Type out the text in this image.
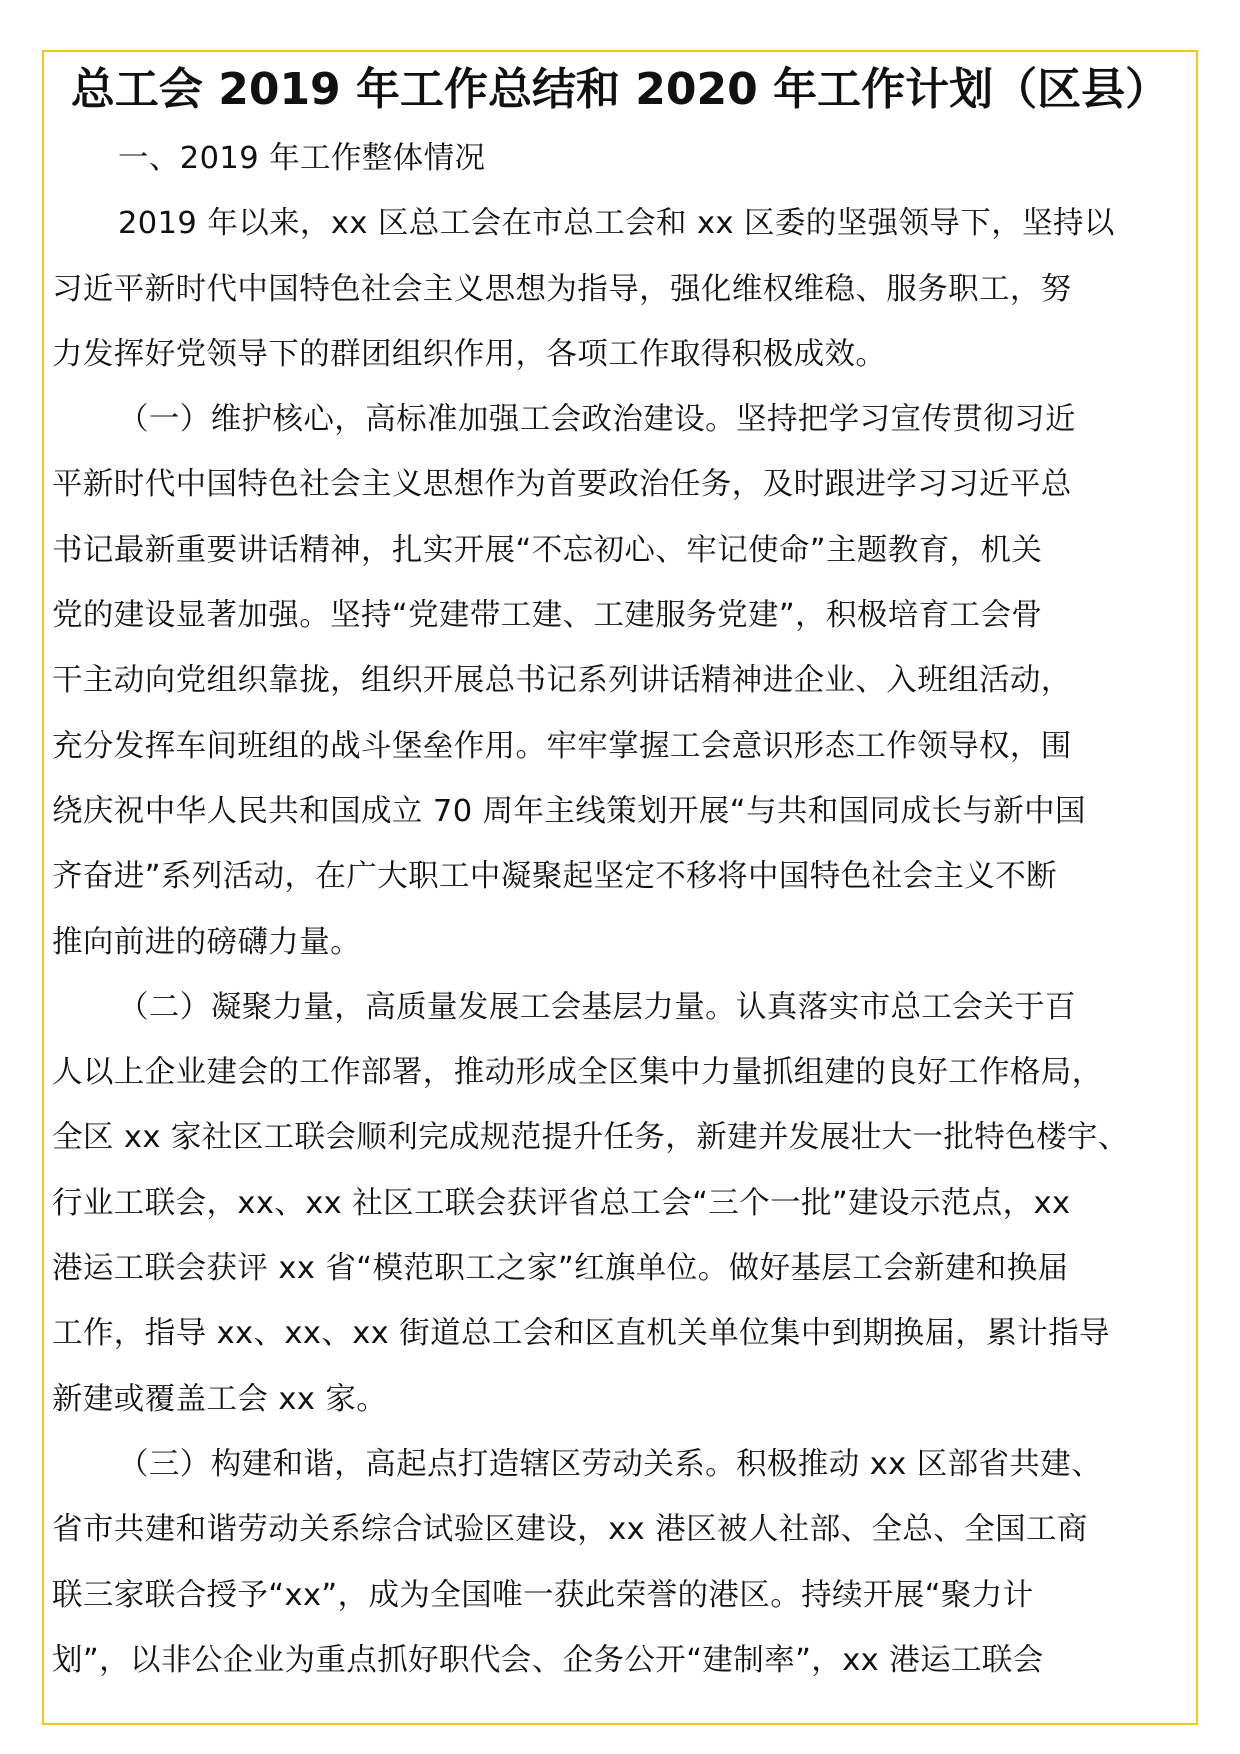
总工会 2019 年工作总结和 2020 年工作计划（区县）
一、2019 年工作整体情况
2019 年以来，xx 区总工会在市总工会和 xx 区委的坚强领导下，坚持以
习近平新时代中国特色社会主义思想为指导，强化维权维稳、服务职工，努
力发挥好党领导下的群团组织作用，各项工作取得积极成效。
（一）维护核心，高标准加强工会政治建设。坚持把学习宣传贯彻习近
平新时代中国特色社会主义思想作为首要政治任务，及时跟进学习习近平总
书记最新重要讲话精神，扎实开展“不忘初心、牢记使命”主题教育，机关
党的建设显著加强。坚持“党建带工建、工建服务党建”，积极培育工会骨
干主动向党组织靠拢，组织开展总书记系列讲话精神进企业、入班组活动，
充分发挥车间班组的战斗堡垒作用。牢牢掌握工会意识形态工作领导权，围
绕庆祝中华人民共和国成立 70 周年主线策划开展“与共和国同成长与新中国
齐奋进”系列活动，在广大职工中凝聚起坚定不移将中国特色社会主义不断
推向前进的磅礴力量。
（二）凝聚力量，高质量发展工会基层力量。认真落实市总工会关于百
人以上企业建会的工作部署，推动形成全区集中力量抓组建的良好工作格局，
全区 xx 家社区工联会顺利完成规范提升任务，新建并发展壮大一批特色楼宇、
行业工联会，xx、xx 社区工联会获评省总工会“三个一批”建设示范点，xx
港运工联会获评 xx 省“模范职工之家”红旗单位。做好基层工会新建和换届
工作，指导 xx、xx、xx 街道总工会和区直机关单位集中到期换届，累计指导
新建或覆盖工会 xx 家。
（三）构建和谐，高起点打造辖区劳动关系。积极推动 xx 区部省共建、
省市共建和谐劳动关系综合试验区建设，xx 港区被人社部、全总、全国工商
联三家联合授予“xx”，成为全国唯一获此荣誉的港区。持续开展“聚力计
划”，以非公企业为重点抓好职代会、企务公开“建制率”，xx 港运工联会
